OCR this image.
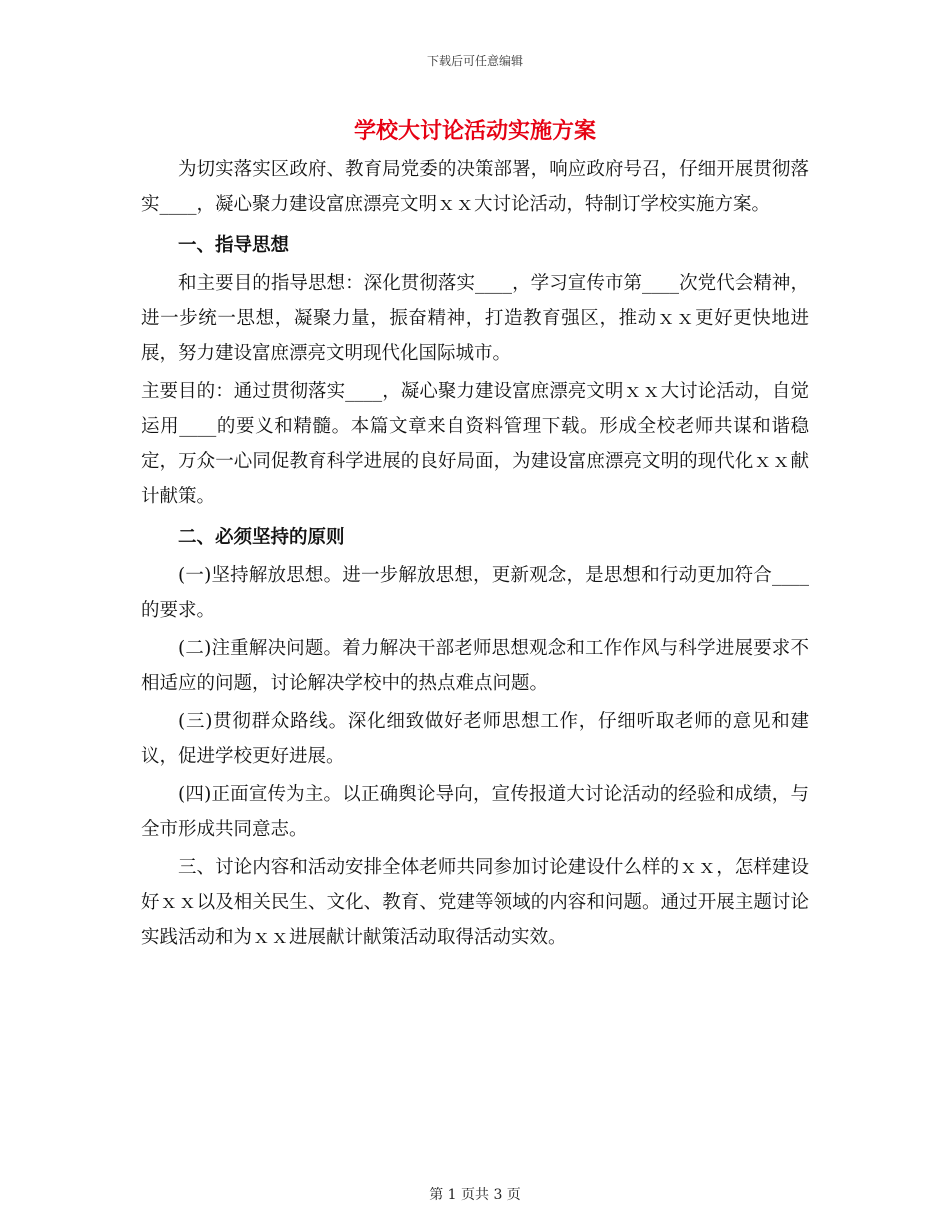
下载后可任意编辑
学校大讨论活动实施方案

为切实落实区政府、教育局党委的决策部署，响应政府号召，仔细开展贯彻落实____，凝心聚力建设富庶漂亮文明ｘｘ大讨论活动，特制订学校实施方案。

一、指导思想

和主要目的指导思想：深化贯彻落实____，学习宣传市第____次党代会精神，进一步统一思想，凝聚力量，振奋精神，打造教育强区，推动ｘｘ更好更快地进展，努力建设富庶漂亮文明现代化国际城市。

主要目的：通过贯彻落实____，凝心聚力建设富庶漂亮文明ｘｘ大讨论活动，自觉运用____的要义和精髓。本篇文章来自资料管理下载。形成全校老师共谋和谐稳定，万众一心同促教育科学进展的良好局面，为建设富庶漂亮文明的现代化ｘｘ献计献策。

二、必须坚持的原则

(一)坚持解放思想。进一步解放思想，更新观念，是思想和行动更加符合____的要求。

(二)注重解决问题。着力解决干部老师思想观念和工作作风与科学进展要求不相适应的问题，讨论解决学校中的热点难点问题。

(三)贯彻群众路线。深化细致做好老师思想工作，仔细听取老师的意见和建议，促进学校更好进展。

(四)正面宣传为主。以正确舆论导向，宣传报道大讨论活动的经验和成绩，与全市形成共同意志。

三、讨论内容和活动安排全体老师共同参加讨论建设什么样的ｘｘ，怎样建设好ｘｘ以及相关民生、文化、教育、党建等领域的内容和问题。通过开展主题讨论实践活动和为ｘｘ进展献计献策活动取得活动实效。

第 1 页共 3 页
